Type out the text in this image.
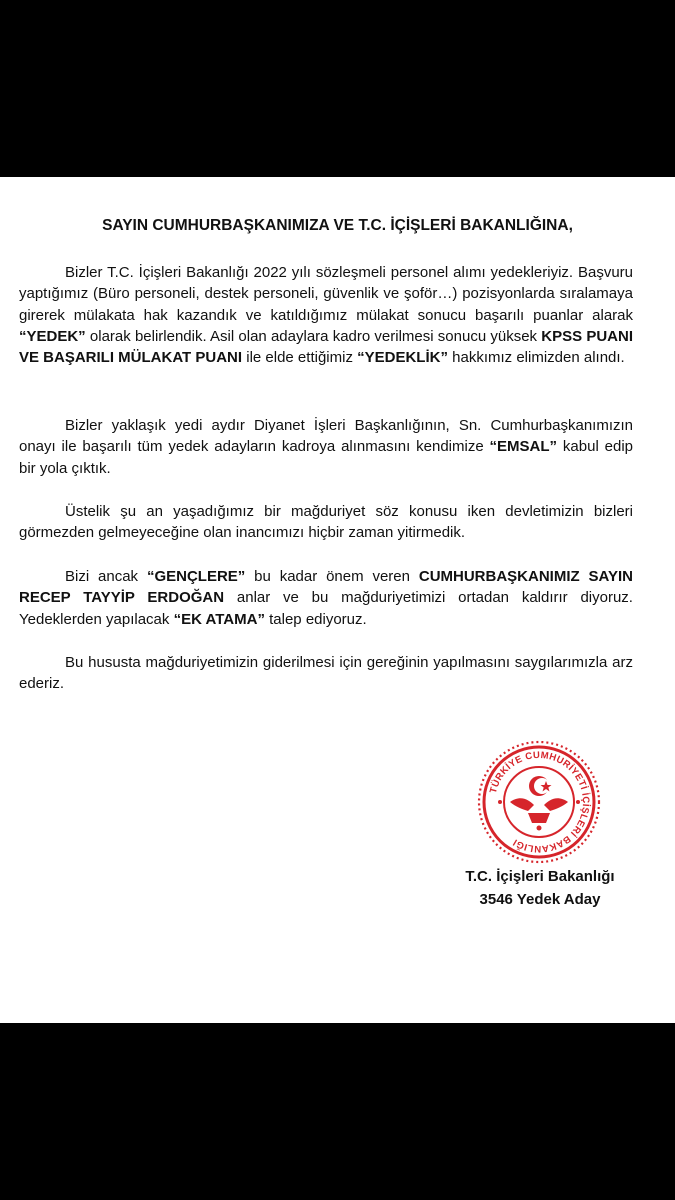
SAYIN CUMHURBAŞKANIMIZA VE T.C. İÇİŞLERİ BAKANLIĞINA,
Bizler T.C. İçişleri Bakanlığı 2022 yılı sözleşmeli personel alımı yedekleriyiz. Başvuru yaptığımız (Büro personeli, destek personeli, güvenlik ve şoför…) pozisyonlarda sıralamaya girerek mülakata hak kazandık ve katıldığımız mülakat sonucu başarılı puanlar alarak “YEDEK” olarak belirlendik. Asil olan adaylara kadro verilmesi sonucu yüksek KPSS PUANI VE BAŞARILI MÜLAKAT PUANI ile elde ettiğimiz “YEDEKLİK” hakkımız elimizden alındı.
Bizler yaklaşık yedi aydır Diyanet İşleri Başkanlığının, Sn. Cumhurbaşkanımızın onayı ile başarılı tüm yedek adayların kadroya alınmasını kendimize “EMSAL” kabul edip bir yola çıktık.
Üstelik şu an yaşadığımız bir mağduriyet söz konusu iken devletimizin bizleri görmezden gelmeyeceğine olan inancımızı hiçbir zaman yitirmedik.
Bizi ancak “GENÇLERE” bu kadar önem veren CUMHURBAŞKANIMIZ SAYIN RECEP TAYYİP ERDOĞAN anlar ve bu mağduriyetimizi ortadan kaldırır diyoruz. Yedeklerden yapılacak “EK ATAMA” talep ediyoruz.
Bu hususta mağduriyetimizin giderilmesi için gereğinin yapılmasını saygılarımızla arz ederiz.
TÜRKİYE CUMHURİYETİ İÇİŞLERİ BAKANLIĞI
T.C. İçişleri Bakanlığı
3546 Yedek Aday
